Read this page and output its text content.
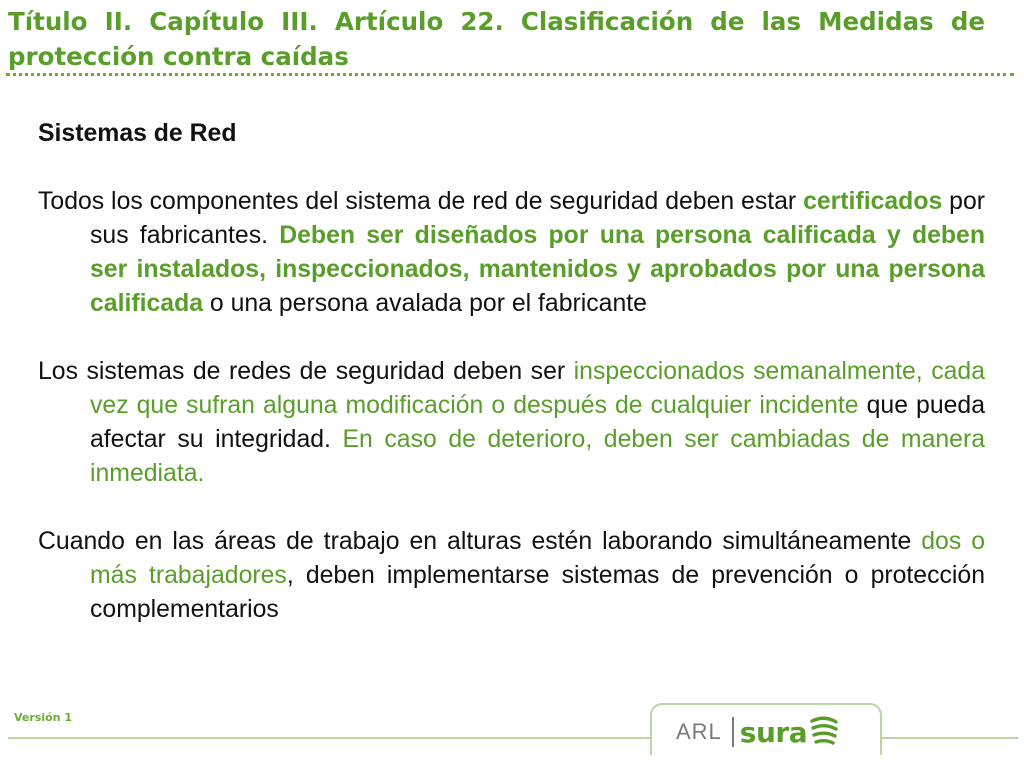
Título II. Capítulo III. Artículo 22. Clasificación de las Medidas de protección contra caídas

Sistemas de Red

Todos los componentes del sistema de red de seguridad deben estar certificados por sus fabricantes. Deben ser diseñados por una persona calificada y deben ser instalados, inspeccionados, mantenidos y aprobados por una persona calificada o una persona avalada por el fabricante

Los sistemas de redes de seguridad deben ser inspeccionados semanalmente, cada vez que sufran alguna modificación o después de cualquier incidente que pueda afectar su integridad. En caso de deterioro, deben ser cambiadas de manera inmediata.

Cuando en las áreas de trabajo en alturas estén laborando simultáneamente dos o más trabajadores, deben implementarse sistemas de prevención o protección complementarios

Versión 1
ARL sura
